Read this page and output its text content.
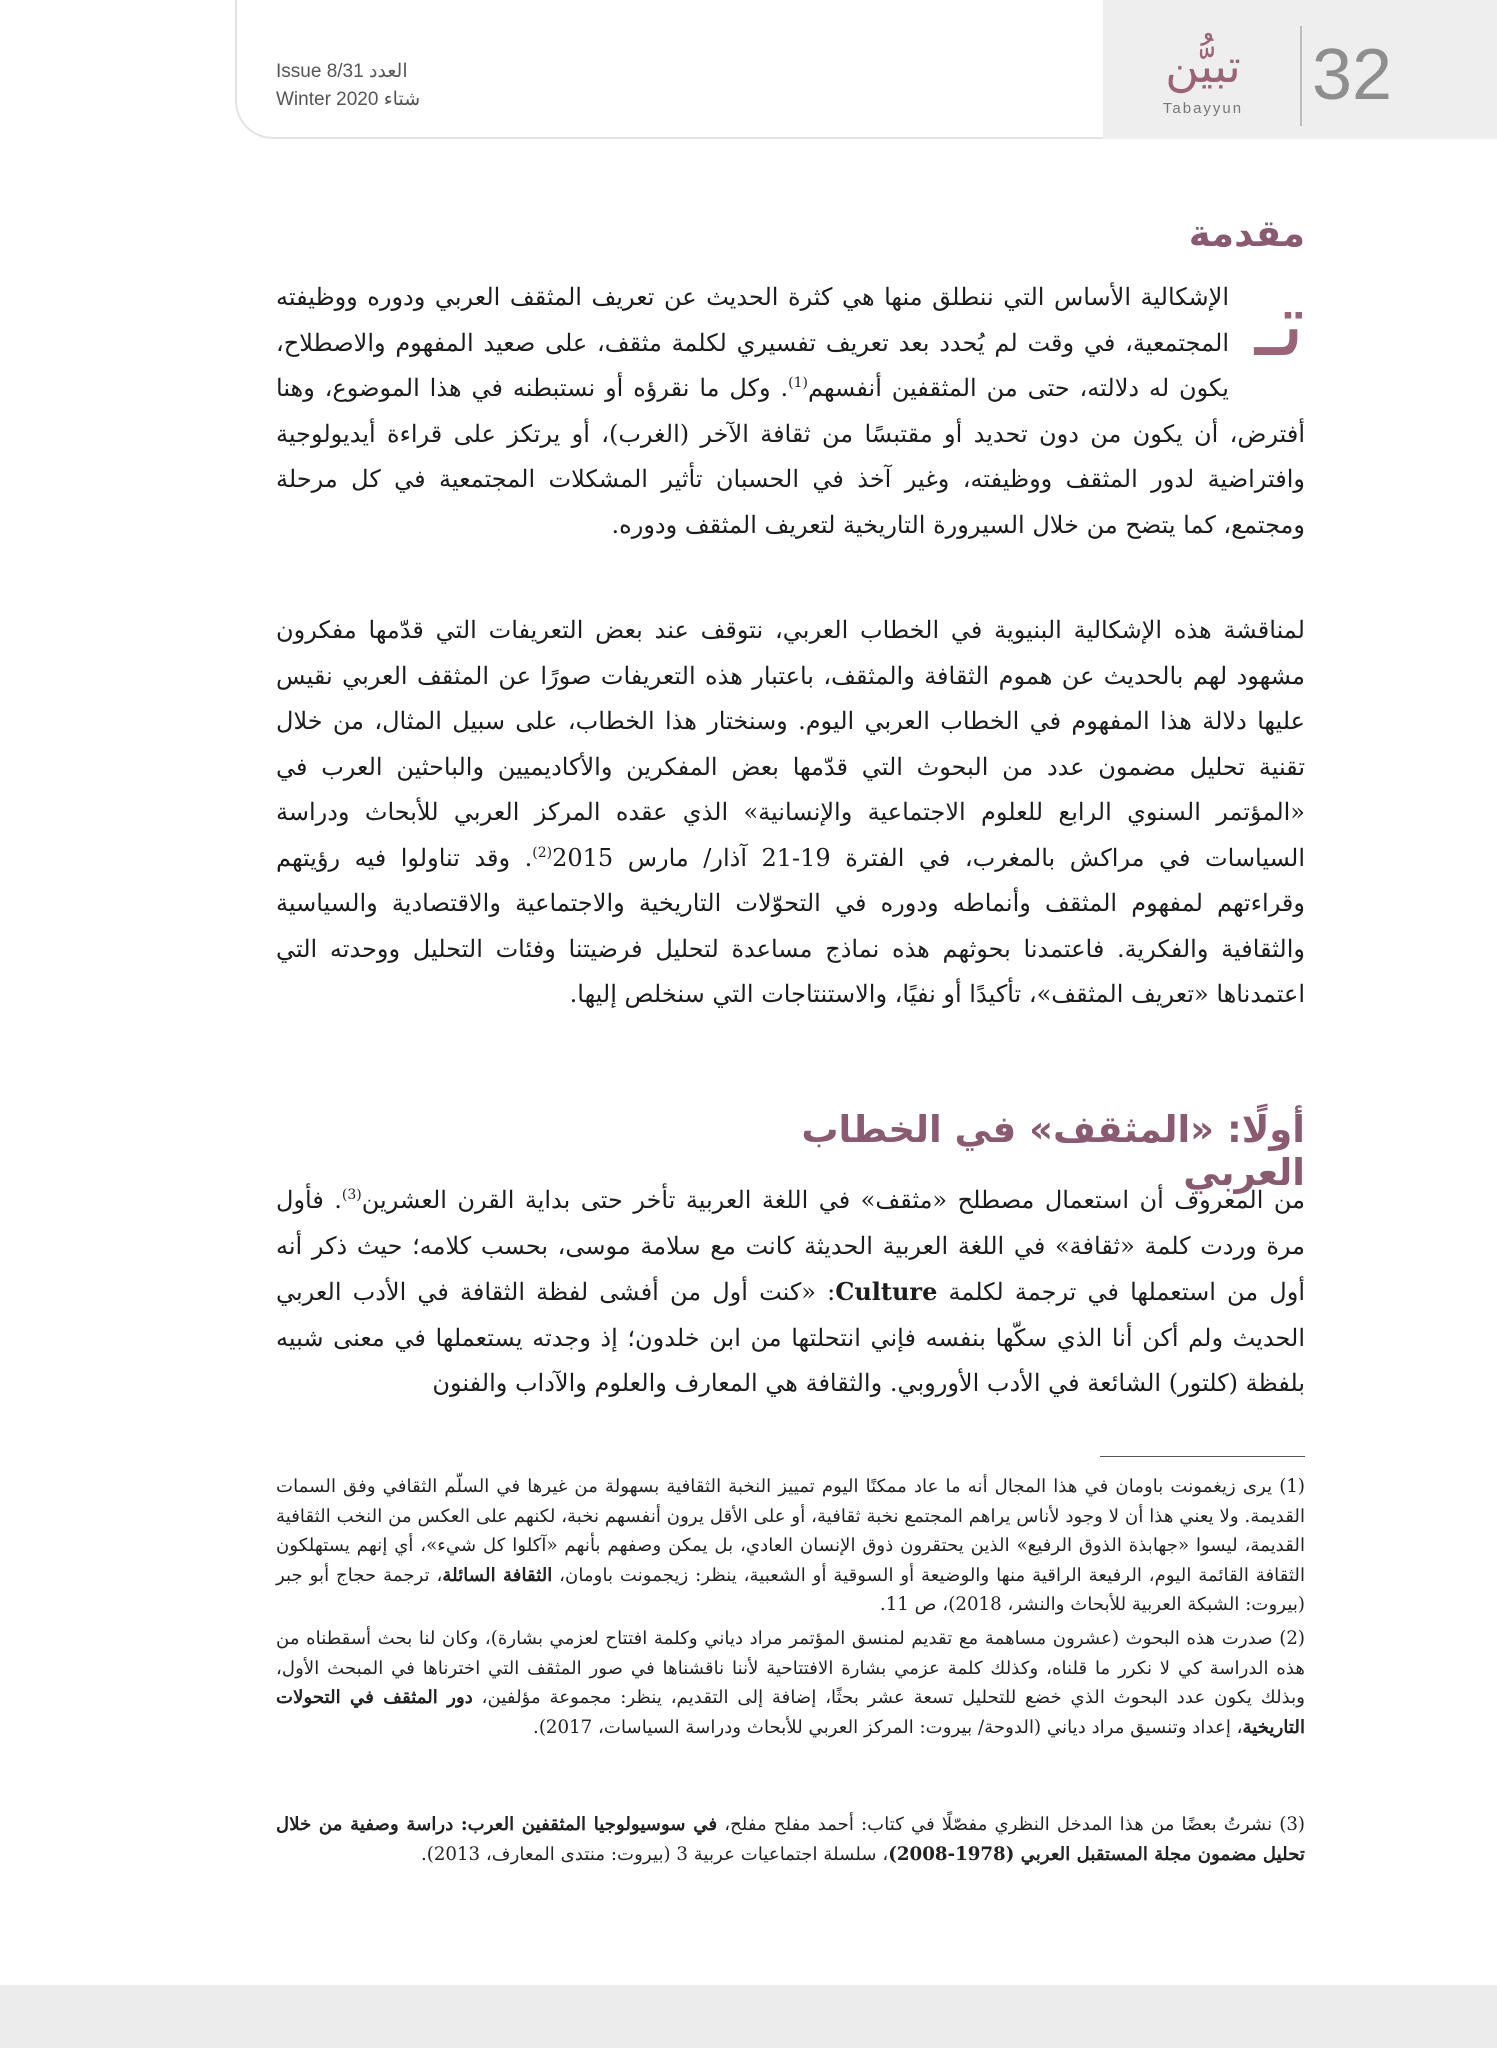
Issue 8/31 العدد
Winter 2020 شتاء
تبيُّن
Tabayyun 32
مقدمة
تـ
الإشكالية الأساس التي ننطلق منها هي كثرة الحديث عن تعريف المثقف العربي ودوره ووظيفته المجتمعية، في وقت لم يُحدد بعد تعريف تفسيري لكلمة مثقف، على صعيد المفهوم والاصطلاح، يكون له دلالته، حتى من المثقفين أنفسهم$^{(1)}$. وكل ما نقرؤه أو نستبطنه في هذا الموضوع، وهنا أفترض، أن يكون من دون تحديد أو مقتبسًا من ثقافة الآخر (الغرب)، أو يرتكز على قراءة أيديولوجية وافتراضية لدور المثقف ووظيفته، وغير آخذ في الحسبان تأثير المشكلات المجتمعية في كل مرحلة ومجتمع، كما يتضح من خلال السيرورة التاريخية لتعريف المثقف ودوره.
لمناقشة هذه الإشكالية البنيوية في الخطاب العربي، نتوقف عند بعض التعريفات التي قدّمها مفكرون مشهود لهم بالحديث عن هموم الثقافة والمثقف، باعتبار هذه التعريفات صورًا عن المثقف العربي نقيس عليها دلالة هذا المفهوم في الخطاب العربي اليوم. وسنختار هذا الخطاب، على سبيل المثال، من خلال تقنية تحليل مضمون عدد من البحوث التي قدّمها بعض المفكرين والأكاديميين والباحثين العرب في «المؤتمر السنوي الرابع للعلوم الاجتماعية والإنسانية» الذي عقده المركز العربي للأبحاث ودراسة السياسات في مراكش بالمغرب، في الفترة 19-21 آذار/ مارس 2015$^{(2)}$. وقد تناولوا فيه رؤيتهم وقراءتهم لمفهوم المثقف وأنماطه ودوره في التحوّلات التاريخية والاجتماعية والاقتصادية والسياسية والثقافية والفكرية. فاعتمدنا بحوثهم هذه نماذج مساعدة لتحليل فرضيتنا وفئات التحليل ووحدته التي اعتمدناها «تعريف المثقف»، تأكيدًا أو نفيًا، والاستنتاجات التي سنخلص إليها.
أولًا: «المثقف» في الخطاب العربي
من المعروف أن استعمال مصطلح «مثقف» في اللغة العربية تأخر حتى بداية القرن العشرين$^{(3)}$. فأول مرة وردت كلمة «ثقافة» في اللغة العربية الحديثة كانت مع سلامة موسى، بحسب كلامه؛ حيث ذكر أنه أول من استعملها في ترجمة لكلمة Culture: «كنت أول من أفشى لفظة الثقافة في الأدب العربي الحديث ولم أكن أنا الذي سكّها بنفسه فإني انتحلتها من ابن خلدون؛ إذ وجدته يستعملها في معنى شبيه بلفظة (كلتور) الشائعة في الأدب الأوروبي. والثقافة هي المعارف والعلوم والآداب والفنون
(1) يرى زيغمونت باومان في هذا المجال أنه ما عاد ممكنًا اليوم تمييز النخبة الثقافية بسهولة من غيرها في السلّم الثقافي وفق السمات القديمة. ولا يعني هذا أن لا وجود لأناس يراهم المجتمع نخبة ثقافية، أو على الأقل يرون أنفسهم نخبة، لكنهم على العكس من النخب الثقافية القديمة، ليسوا «جهابذة الذوق الرفيع» الذين يحتقرون ذوق الإنسان العادي، بل يمكن وصفهم بأنهم «آكلوا كل شيء»، أي إنهم يستهلكون الثقافة القائمة اليوم، الرفيعة الراقية منها والوضيعة أو السوقية أو الشعبية، ينظر: زيجمونت باومان، الثقافة السائلة، ترجمة حجاج أبو جبر (بيروت: الشبكة العربية للأبحاث والنشر، 2018)، ص 11.
(2) صدرت هذه البحوث (عشرون مساهمة مع تقديم لمنسق المؤتمر مراد دياني وكلمة افتتاح لعزمي بشارة)، وكان لنا بحث أسقطناه من هذه الدراسة كي لا نكرر ما قلناه، وكذلك كلمة عزمي بشارة الافتتاحية لأننا ناقشناها في صور المثقف التي اخترناها في المبحث الأول، وبذلك يكون عدد البحوث الذي خضع للتحليل تسعة عشر بحثًا، إضافة إلى التقديم، ينظر: مجموعة مؤلفين، دور المثقف في التحولات التاريخية، إعداد وتنسيق مراد دياني (الدوحة/ بيروت: المركز العربي للأبحاث ودراسة السياسات، 2017).
(3) نشرتُ بعضًا من هذا المدخل النظري مفصّلًا في كتاب: أحمد مفلح مفلح، في سوسيولوجيا المثقفين العرب: دراسة وصفية من خلال تحليل مضمون مجلة المستقبل العربي (1978-2008)، سلسلة اجتماعيات عربية 3 (بيروت: منتدى المعارف، 2013).
